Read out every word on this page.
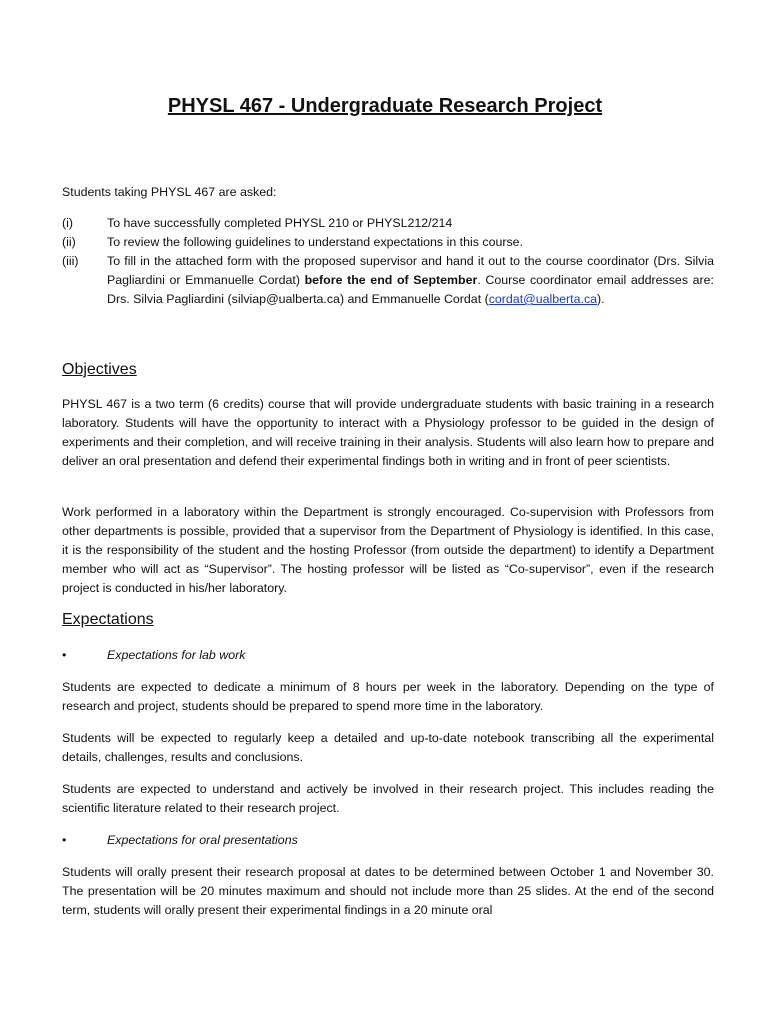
PHYSL 467 - Undergraduate Research Project

Students taking PHYSL 467 are asked:

(i)	To have successfully completed PHYSL 210 or PHYSL212/214
(ii)	To review the following guidelines to understand expectations in this course.
(iii)	To fill in the attached form with the proposed supervisor and hand it out to the course coordinator (Drs. Silvia Pagliardini or Emmanuelle Cordat) before the end of September. Course coordinator email addresses are: Drs. Silvia Pagliardini (silviap@ualberta.ca) and Emmanuelle Cordat (cordat@ualberta.ca).
Objectives

PHYSL 467 is a two term (6 credits) course that will provide undergraduate students with basic training in a research laboratory. Students will have the opportunity to interact with a Physiology professor to be guided in the design of experiments and their completion, and will receive training in their analysis. Students will also learn how to prepare and deliver an oral presentation and defend their experimental findings both in writing and in front of peer scientists.

Work performed in a laboratory within the Department is strongly encouraged. Co-supervision with Professors from other departments is possible, provided that a supervisor from the Department of Physiology is identified. In this case, it is the responsibility of the student and the hosting Professor (from outside the department) to identify a Department member who will act as “Supervisor”. The hosting professor will be listed as “Co-supervisor”, even if the research project is conducted in his/her laboratory.

Expectations
•	Expectations for lab work

Students are expected to dedicate a minimum of 8 hours per week in the laboratory. Depending on the type of research and project, students should be prepared to spend more time in the laboratory.

Students will be expected to regularly keep a detailed and up-to-date notebook transcribing all the experimental details, challenges, results and conclusions.

Students are expected to understand and actively be involved in their research project. This includes reading the scientific literature related to their research project.

•	Expectations for oral presentations

Students will orally present their research proposal at dates to be determined between October 1 and November 30. The presentation will be 20 minutes maximum and should not include more than 25 slides. At the end of the second term, students will orally present their experimental findings in a 20 minute oral
